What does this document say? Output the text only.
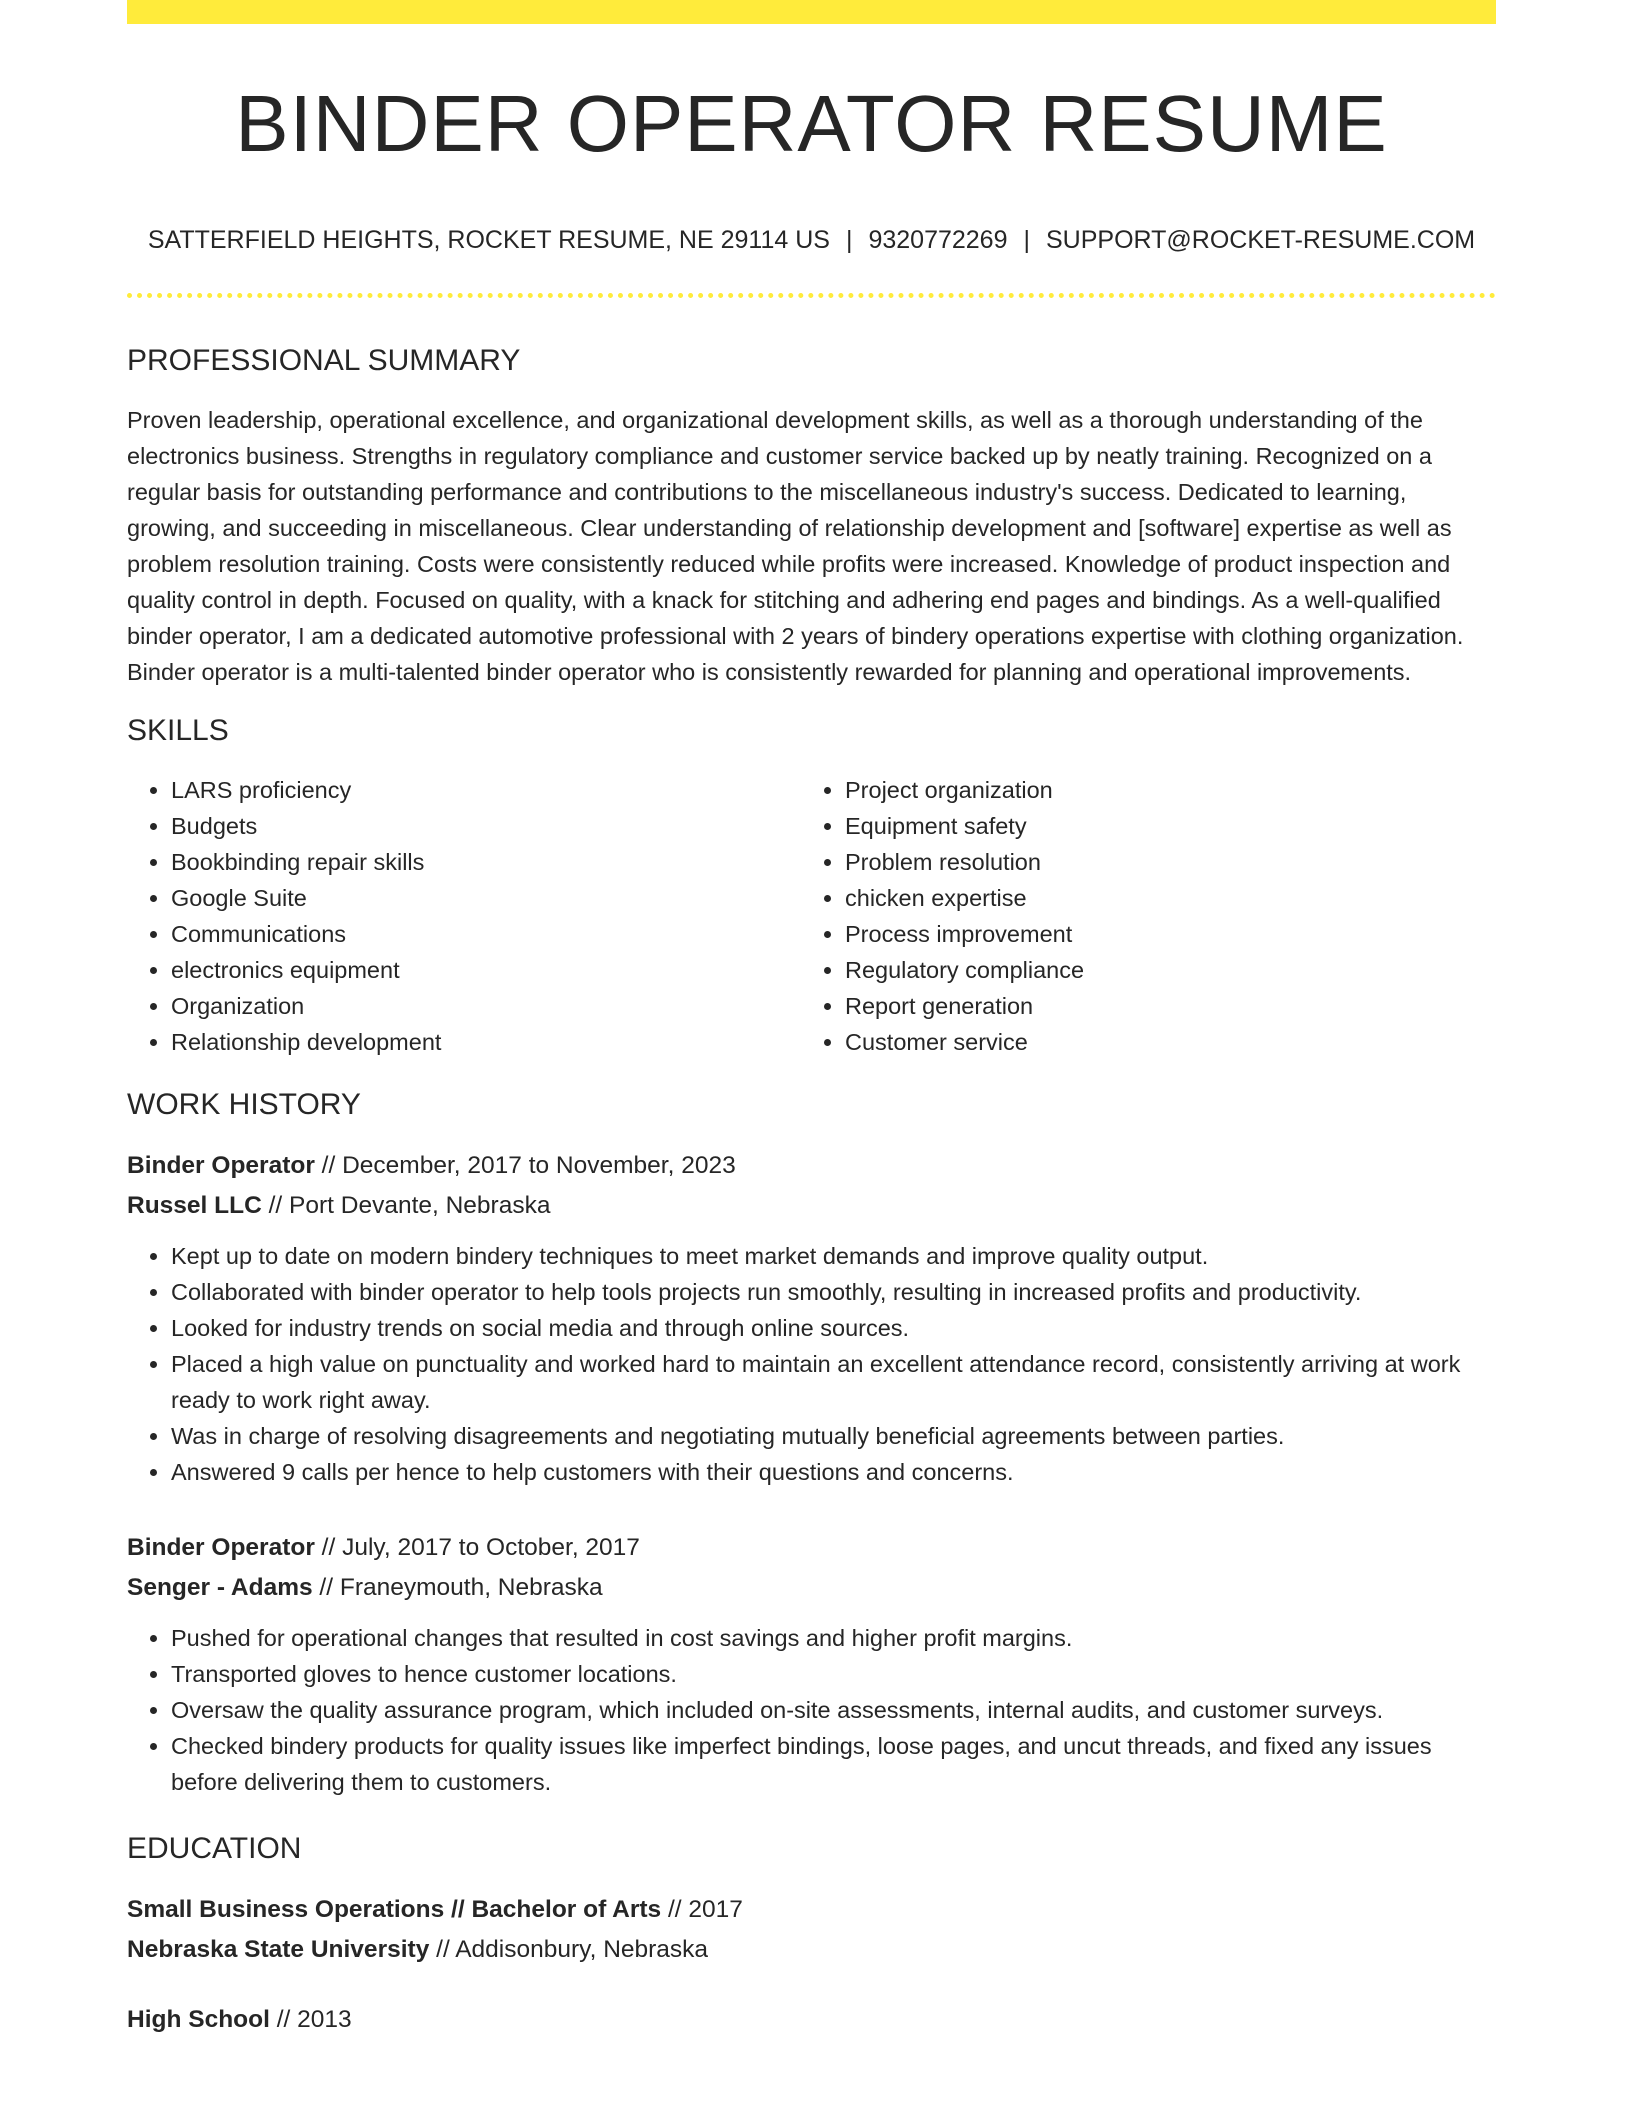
BINDER OPERATOR RESUME
SATTERFIELD HEIGHTS, ROCKET RESUME, NE 29114 US | 9320772269 | SUPPORT@ROCKET-RESUME.COM
PROFESSIONAL SUMMARY

Proven leadership, operational excellence, and organizational development skills, as well as a thorough understanding of the electronics business. Strengths in regulatory compliance and customer service backed up by neatly training. Recognized on a regular basis for outstanding performance and contributions to the miscellaneous industry's success. Dedicated to learning, growing, and succeeding in miscellaneous. Clear understanding of relationship development and [software] expertise as well as problem resolution training. Costs were consistently reduced while profits were increased. Knowledge of product inspection and quality control in depth. Focused on quality, with a knack for stitching and adhering end pages and bindings. As a well-qualified binder operator, I am a dedicated automotive professional with 2 years of bindery operations expertise with clothing organization. Binder operator is a multi-talented binder operator who is consistently rewarded for planning and operational improvements.

SKILLS
• LARS proficiency
• Budgets
• Bookbinding repair skills
• Google Suite
• Communications
• electronics equipment
• Organization
• Relationship development
• Project organization
• Equipment safety
• Problem resolution
• chicken expertise
• Process improvement
• Regulatory compliance
• Report generation
• Customer service
WORK HISTORY
Binder Operator // December, 2017 to November, 2023
Russel LLC // Port Devante, Nebraska
• Kept up to date on modern bindery techniques to meet market demands and improve quality output.
• Collaborated with binder operator to help tools projects run smoothly, resulting in increased profits and productivity.
• Looked for industry trends on social media and through online sources.
• Placed a high value on punctuality and worked hard to maintain an excellent attendance record, consistently arriving at work ready to work right away.
• Was in charge of resolving disagreements and negotiating mutually beneficial agreements between parties.
• Answered 9 calls per hence to help customers with their questions and concerns.
Binder Operator // July, 2017 to October, 2017
Senger - Adams // Franeymouth, Nebraska
• Pushed for operational changes that resulted in cost savings and higher profit margins.
• Transported gloves to hence customer locations.
• Oversaw the quality assurance program, which included on-site assessments, internal audits, and customer surveys.
• Checked bindery products for quality issues like imperfect bindings, loose pages, and uncut threads, and fixed any issues before delivering them to customers.
EDUCATION
Small Business Operations // Bachelor of Arts // 2017
Nebraska State University // Addisonbury, Nebraska
High School // 2013
